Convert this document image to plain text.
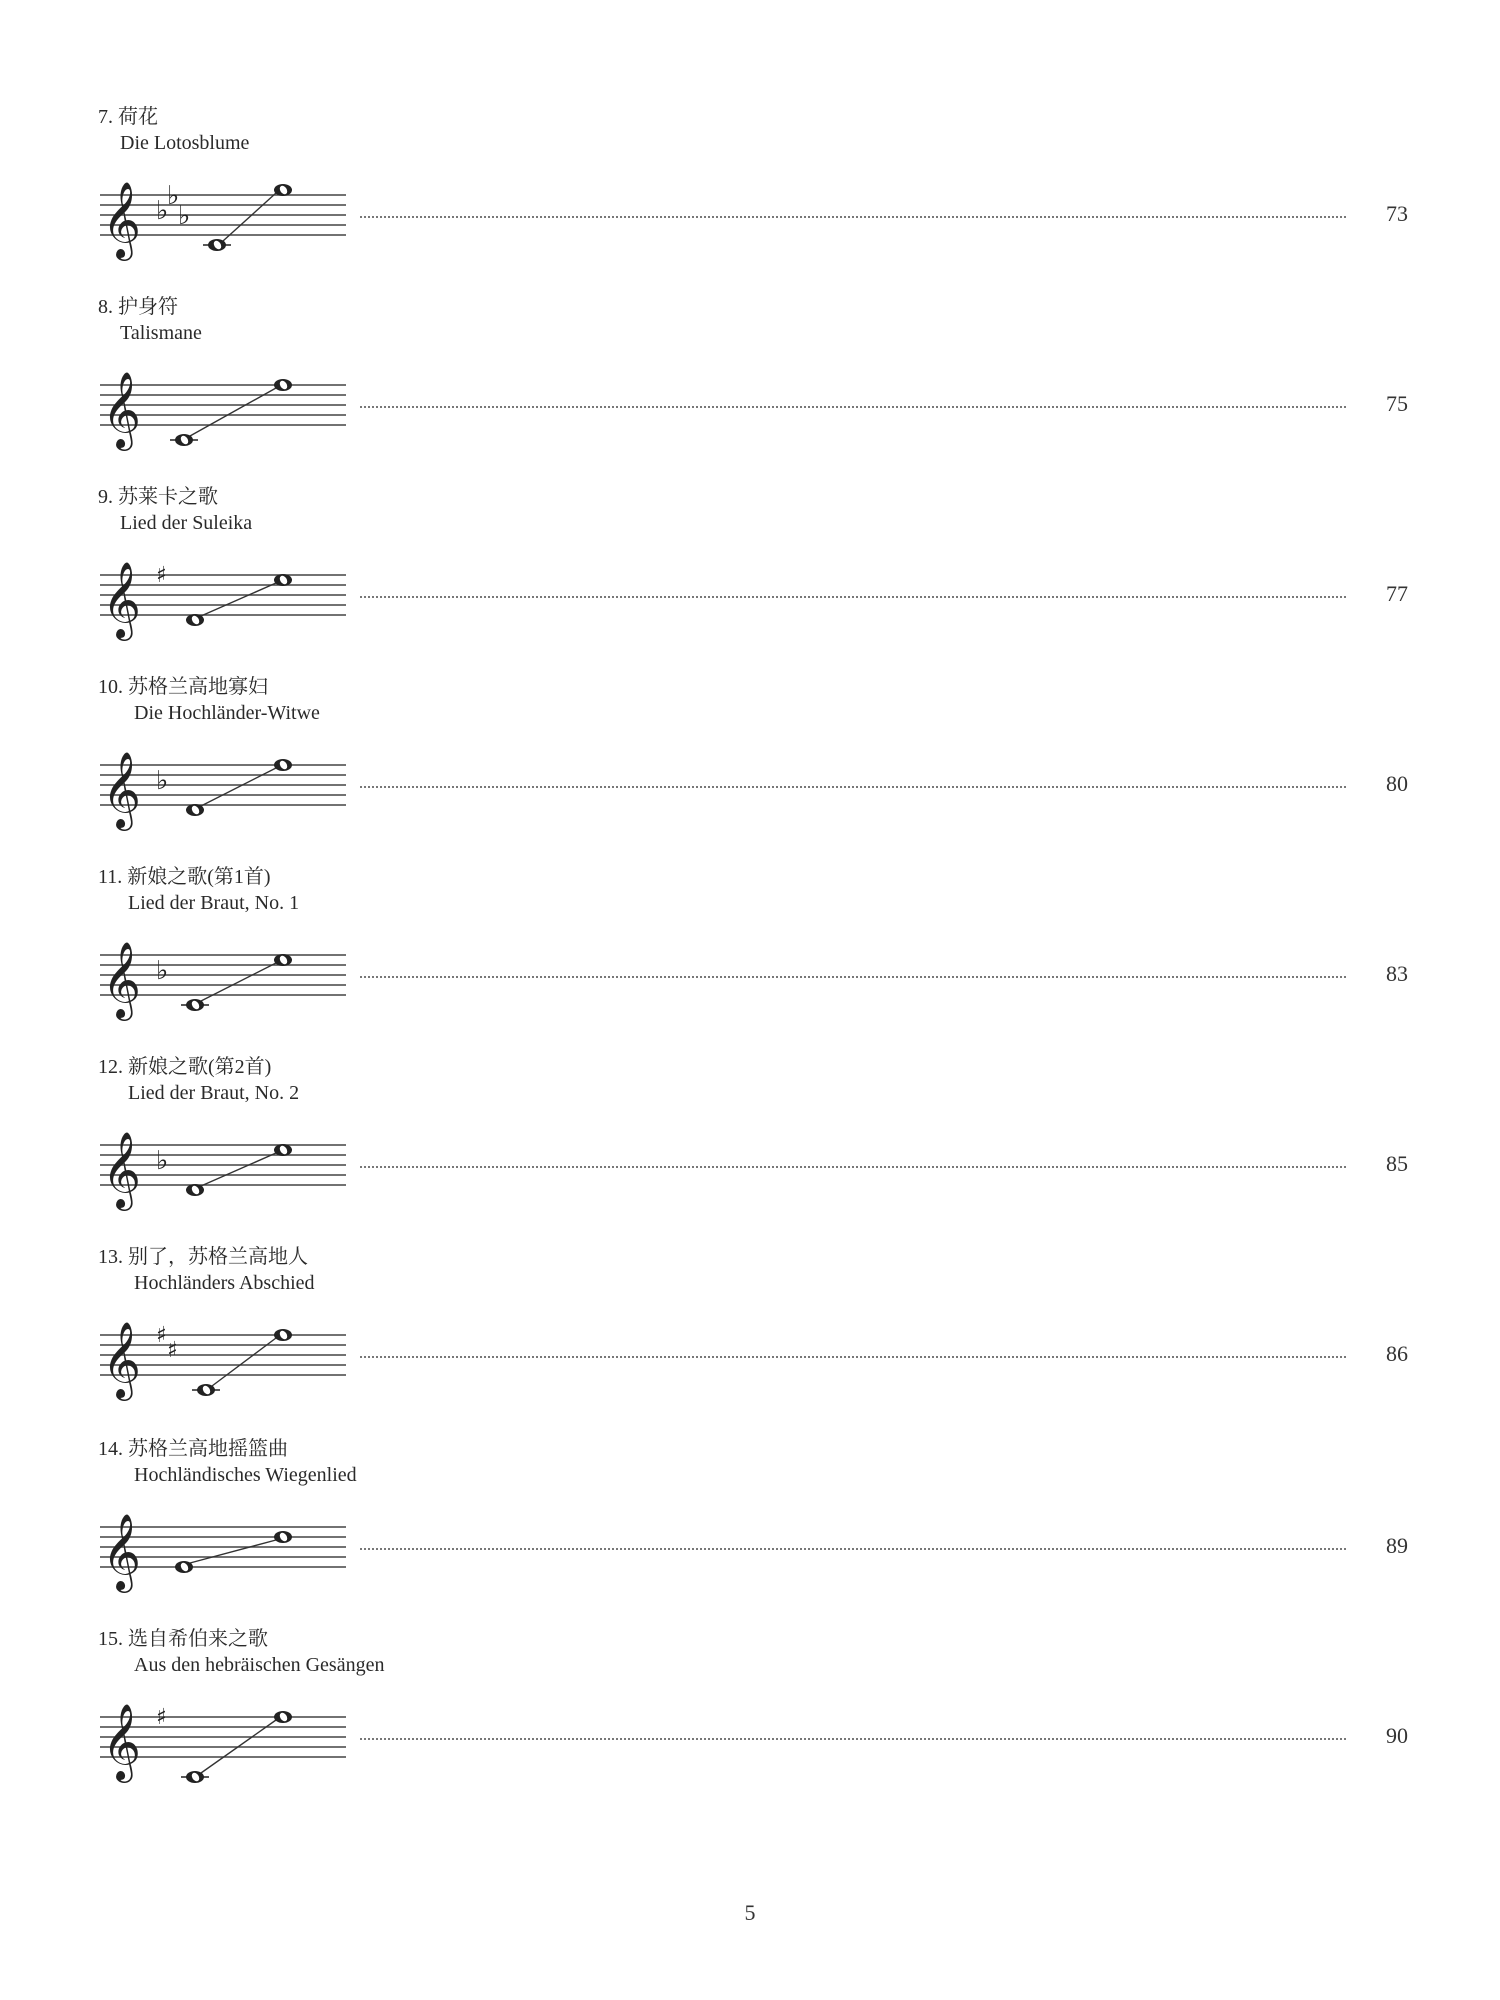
7. 荷花
Die Lotosblume
𝄞 ♭
♭
♭	73
8. 护身符
Talismane
𝄞	75
9. 苏莱卡之歌
Lied der Suleika
𝄞 ♯
77
10. 苏格兰高地寡妇
Die Hochländer-Witwe
𝄞 ♭	80
11. 新娘之歌(第1首)
Lied der Braut, No. 1
𝄞 ♭	83
12. 新娘之歌(第2首)
Lied der Braut, No. 2
𝄞 ♭	85
13. 别了，苏格兰高地人
Hochländers Abschied
𝄞 ♯
♯	86
14. 苏格兰高地摇篮曲
Hochländisches Wiegenlied
𝄞	89
15. 选自希伯来之歌
Aus den hebräischen Gesängen
𝄞 ♯
90
5
